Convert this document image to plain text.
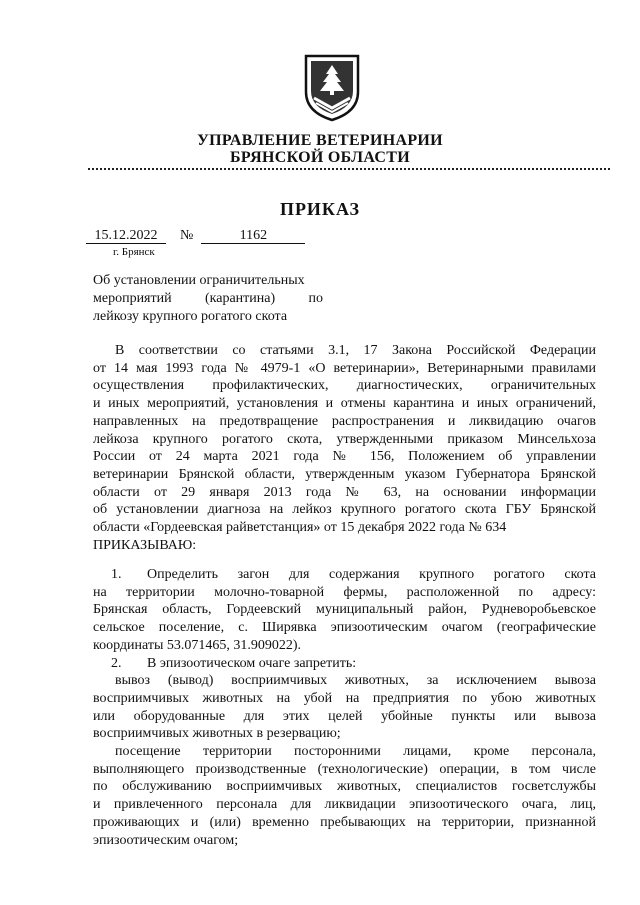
УПРАВЛЕНИЕ ВЕТЕРИНАРИИ
БРЯНСКОЙ ОБЛАСТИ
ПРИКАЗ
15.12.2022 №	1162
г. Брянск
Об установлении ограничительных
мероприятий (карантина) по
лейкозу крупного рогатого скота
В соответствии со статьями 3.1, 17 Закона Российской Федерации
от 14 мая 1993 года № 4979-1 «О ветеринарии», Ветеринарными правилами
осуществления профилактических, диагностических, ограничительных
и иных мероприятий, установления и отмены карантина и иных ограничений,
направленных на предотвращение распространения и ликвидацию очагов
лейкоза крупного рогатого скота, утвержденными приказом Минсельхоза
России от 24 марта 2021 года № 156, Положением об управлении
ветеринарии Брянской области, утвержденным указом Губернатора Брянской
области от 29 января 2013 года № 63, на основании информации
об установлении диагноза на лейкоз крупного рогатого скота ГБУ Брянской
области «Гордеевская райветстанция» от 15 декабря 2022 года № 634
ПРИКАЗЫВАЮ:
1. Определить загон для содержания крупного рогатого скота
на территории молочно-товарной фермы, расположенной по адресу:
Брянская область, Гордеевский муниципальный район, Рудневоробьевское
сельское поселение, с. Ширявка эпизоотическим очагом (географические
координаты 53.071465, 31.909022).
2. В эпизоотическом очаге запретить:
вывоз (вывод) восприимчивых животных, за исключением вывоза
восприимчивых животных на убой на предприятия по убою животных
или оборудованные для этих целей убойные пункты или вывоза
восприимчивых животных в резервацию;
посещение территории посторонними лицами, кроме персонала,
выполняющего производственные (технологические) операции, в том числе
по обслуживанию восприимчивых животных, специалистов госветслужбы
и привлеченного персонала для ликвидации эпизоотического очага, лиц,
проживающих и (или) временно пребывающих на территории, признанной
эпизоотическим очагом;
